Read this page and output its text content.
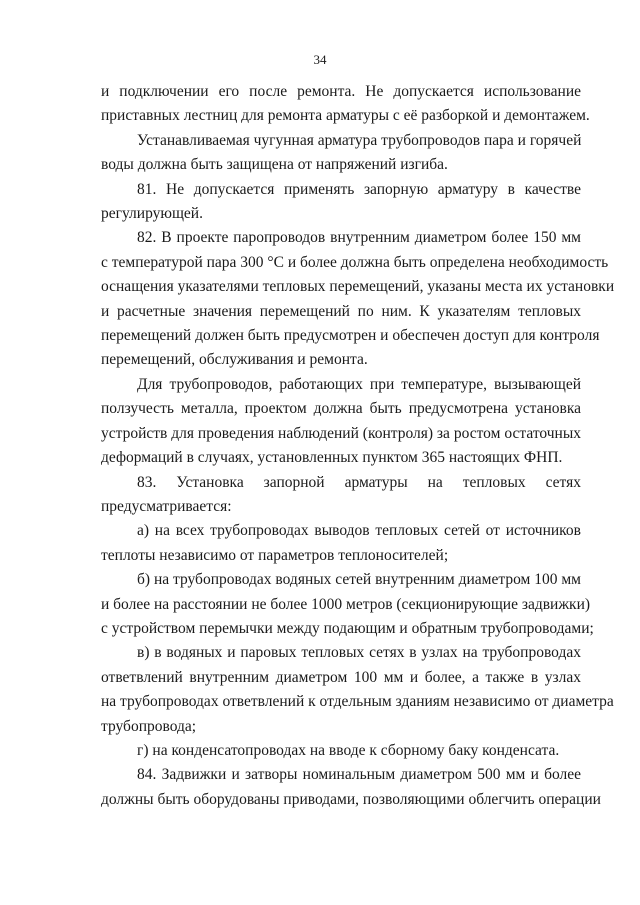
34

и подключении его после ремонта. Не допускается использование
приставных лестниц для ремонта арматуры с её разборкой и демонтажем.

Устанавливаемая чугунная арматура трубопроводов пара и горячей
воды должна быть защищена от напряжений изгиба.

81. Не допускается применять запорную арматуру в качестве
регулирующей.

82. В проекте паропроводов внутренним диаметром более 150 мм
с температурой пара 300 °С и более должна быть определена необходимость
оснащения указателями тепловых перемещений, указаны места их установки
и расчетные значения перемещений по ним. К указателям тепловых
перемещений должен быть предусмотрен и обеспечен доступ для контроля
перемещений, обслуживания и ремонта.

Для трубопроводов, работающих при температуре, вызывающей
ползучесть металла, проектом должна быть предусмотрена установка
устройств для проведения наблюдений (контроля) за ростом остаточных
деформаций в случаях, установленных пунктом 365 настоящих ФНП.

83. Установка запорной арматуры на тепловых сетях
предусматривается:

а) на всех трубопроводах выводов тепловых сетей от источников
теплоты независимо от параметров теплоносителей;

б) на трубопроводах водяных сетей внутренним диаметром 100 мм
и более на расстоянии не более 1000 метров (секционирующие задвижки)
с устройством перемычки между подающим и обратным трубопроводами;

в) в водяных и паровых тепловых сетях в узлах на трубопроводах
ответвлений внутренним диаметром 100 мм и более, а также в узлах
на трубопроводах ответвлений к отдельным зданиям независимо от диаметра
трубопровода;

г) на конденсатопроводах на вводе к сборному баку конденсата.

84. Задвижки и затворы номинальным диаметром 500 мм и более
должны быть оборудованы приводами, позволяющими облегчить операции
